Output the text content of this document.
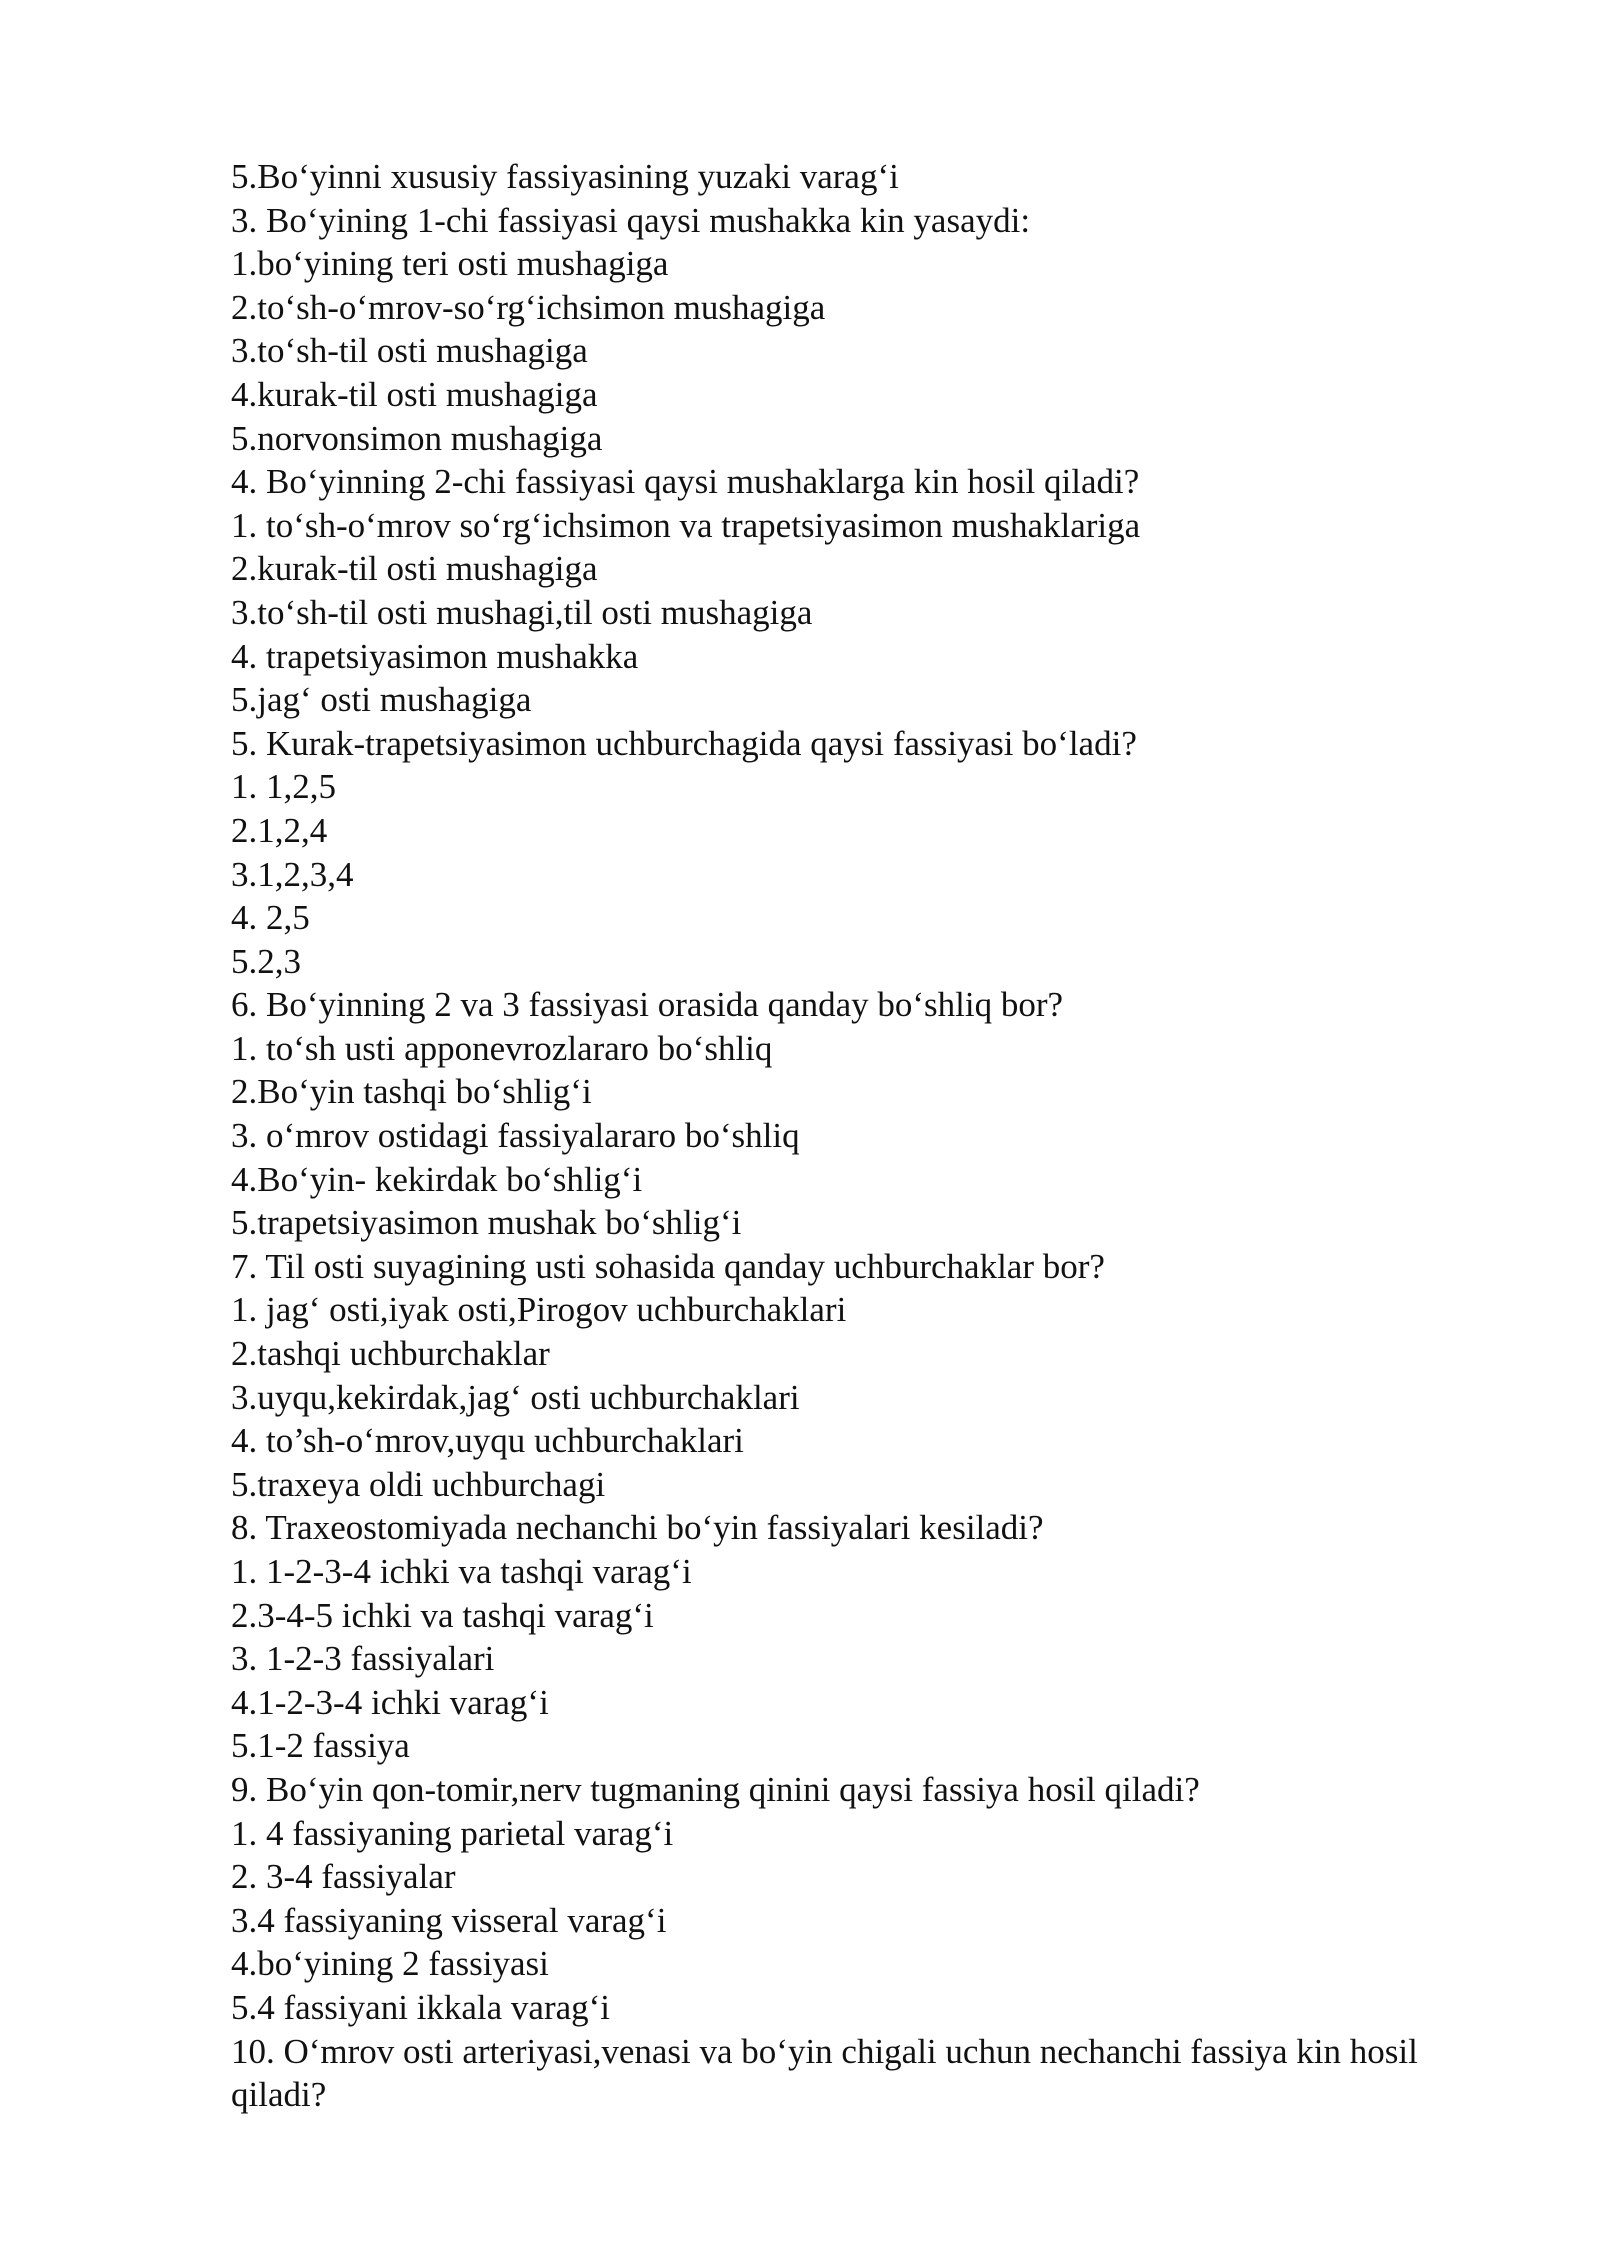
5.Bo‘yinni xususiy fassiyasining yuzaki varag‘i
3. Bo‘yining 1-chi fassiyasi qaysi mushakka kin yasaydi:
1.bo‘yining teri osti mushagiga
2.to‘sh-o‘mrov-so‘rg‘ichsimon mushagiga
3.to‘sh-til osti mushagiga
4.kurak-til osti mushagiga
5.norvonsimon mushagiga
4. Bo‘yinning 2-chi fassiyasi qaysi mushaklarga kin hosil qiladi?
1. to‘sh-o‘mrov so‘rg‘ichsimon va trapetsiyasimon mushaklariga
2.kurak-til osti mushagiga
3.to‘sh-til osti mushagi,til osti mushagiga
4. trapetsiyasimon mushakka
5.jag‘ osti mushagiga
5. Kurak-trapetsiyasimon uchburchagida qaysi fassiyasi bo‘ladi?
1. 1,2,5
2.1,2,4
3.1,2,3,4
4. 2,5
5.2,3
6. Bo‘yinning 2 va 3 fassiyasi orasida qanday bo‘shliq bor?
1. to‘sh usti apponevrozlararo bo‘shliq
2.Bo‘yin tashqi bo‘shlig‘i
3. o‘mrov ostidagi fassiyalararo bo‘shliq
4.Bo‘yin- kekirdak bo‘shlig‘i
5.trapetsiyasimon mushak bo‘shlig‘i
7. Til osti suyagining usti sohasida qanday uchburchaklar bor?
1. jag‘ osti,iyak osti,Pirogov uchburchaklari
2.tashqi uchburchaklar
3.uyqu,kekirdak,jag‘ osti uchburchaklari
4. to’sh-o‘mrov,uyqu uchburchaklari
5.traxeya oldi uchburchagi
8. Traxeostomiyada nechanchi bo‘yin fassiyalari kesiladi?
1. 1-2-3-4 ichki va tashqi varag‘i
2.3-4-5 ichki va tashqi varag‘i
3. 1-2-3 fassiyalari
4.1-2-3-4 ichki varag‘i
5.1-2 fassiya
9. Bo‘yin qon-tomir,nerv tugmaning qinini qaysi fassiya hosil qiladi?
1. 4 fassiyaning parietal varag‘i
2. 3-4 fassiyalar
3.4 fassiyaning visseral varag‘i
4.bo‘yining 2 fassiyasi
5.4 fassiyani ikkala varag‘i
10. O‘mrov osti arteriyasi,venasi va bo‘yin chigali uchun nechanchi fassiya kin hosil qiladi?
